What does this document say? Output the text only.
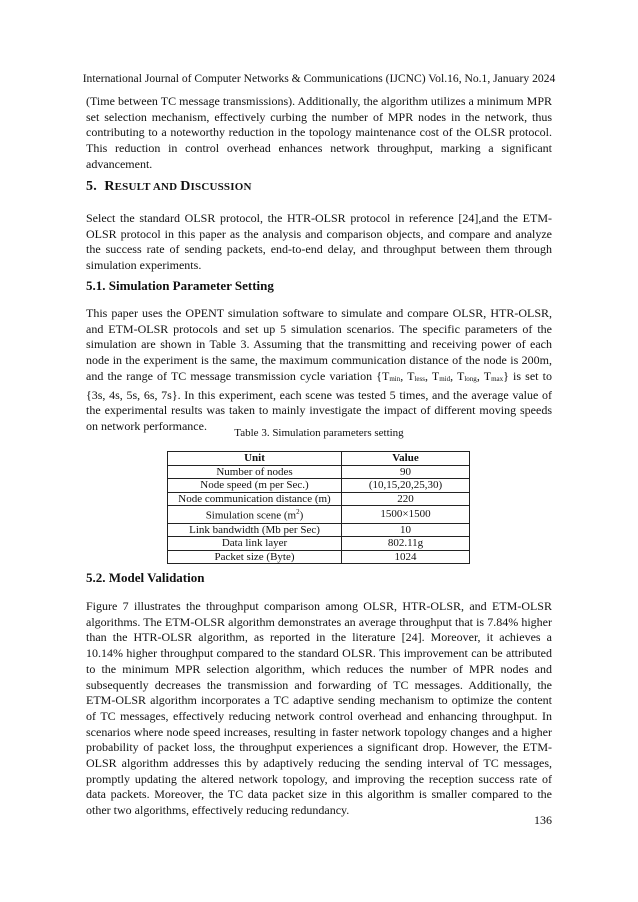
International Journal of Computer Networks & Communications (IJCNC) Vol.16, No.1, January 2024

(Time between TC message transmissions). Additionally, the algorithm utilizes a minimum MPR set selection mechanism, effectively curbing the number of MPR nodes in the network, thus contributing to a noteworthy reduction in the topology maintenance cost of the OLSR protocol. This reduction in control overhead enhances network throughput, marking a significant advancement.

5. RESULT AND DISCUSSION

Select the standard OLSR protocol, the HTR-OLSR protocol in reference [24],and the ETM-OLSR protocol in this paper as the analysis and comparison objects, and compare and analyze the success rate of sending packets, end-to-end delay, and throughput between them through simulation experiments.

5.1. Simulation Parameter Setting

This paper uses the OPENT simulation software to simulate and compare OLSR, HTR-OLSR, and ETM-OLSR protocols and set up 5 simulation scenarios. The specific parameters of the simulation are shown in Table 3. Assuming that the transmitting and receiving power of each node in the experiment is the same, the maximum communication distance of the node is 200m, and the range of TC message transmission cycle variation {$T_{min}$, $T_{less}$, $T_{mid}$, $T_{long}$, $T_{max}$} is set to {3s, 4s, 5s, 6s, 7s}. In this experiment, each scene was tested 5 times, and the average value of the experimental results was taken to mainly investigate the impact of different moving speeds on network performance.

Table 3. Simulation parameters setting
Unit	Value
Number of nodes	90
Node speed (m per Sec.)	(10,15,20,25,30)
Node communication distance (m)	220
Simulation scene $(m^2)$	1500×1500
Link bandwidth (Mb per Sec)	10
Data link layer	802.11g
Packet size (Byte)	1024
5.2. Model Validation

Figure 7 illustrates the throughput comparison among OLSR, HTR-OLSR, and ETM-OLSR algorithms. The ETM-OLSR algorithm demonstrates an average throughput that is 7.84% higher than the HTR-OLSR algorithm, as reported in the literature [24]. Moreover, it achieves a 10.14% higher throughput compared to the standard OLSR. This improvement can be attributed to the minimum MPR selection algorithm, which reduces the number of MPR nodes and subsequently decreases the transmission and forwarding of TC messages. Additionally, the ETM-OLSR algorithm incorporates a TC adaptive sending mechanism to optimize the content of TC messages, effectively reducing network control overhead and enhancing throughput. In scenarios where node speed increases, resulting in faster network topology changes and a higher probability of packet loss, the throughput experiences a significant drop. However, the ETM-OLSR algorithm addresses this by adaptively reducing the sending interval of TC messages, promptly updating the altered network topology, and improving the reception success rate of data packets. Moreover, the TC data packet size in this algorithm is smaller compared to the other two algorithms, effectively reducing redundancy.

136
